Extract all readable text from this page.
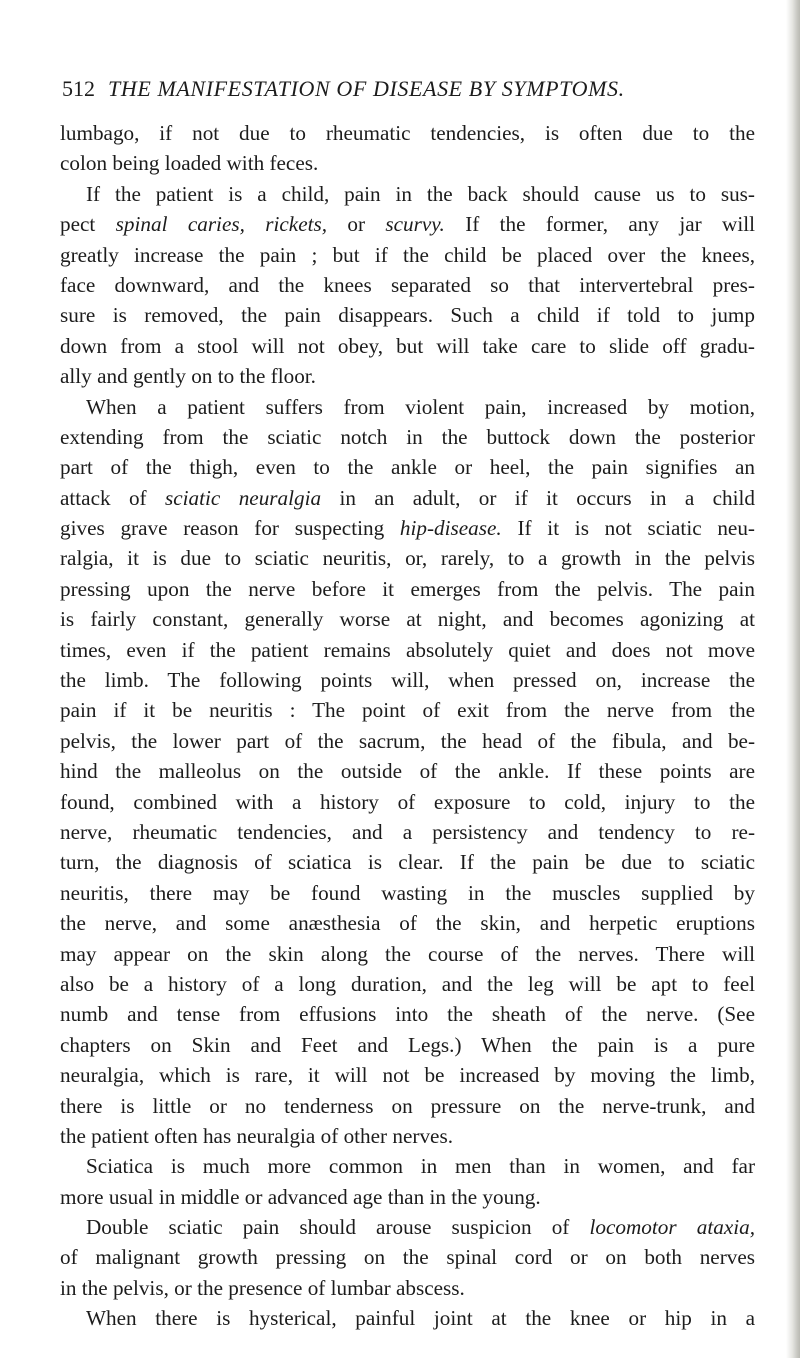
512 THE MANIFESTATION OF DISEASE BY SYMPTOMS.
lumbago, if not due to rheumatic tendencies, is often due to the
colon being loaded with feces.
If the patient is a child, pain in the back should cause us to sus-
pect spinal caries, rickets, or scurvy. If the former, any jar will
greatly increase the pain ; but if the child be placed over the knees,
face downward, and the knees separated so that intervertebral pres-
sure is removed, the pain disappears. Such a child if told to jump
down from a stool will not obey, but will take care to slide off gradu-
ally and gently on to the floor.
When a patient suffers from violent pain, increased by motion,
extending from the sciatic notch in the buttock down the posterior
part of the thigh, even to the ankle or heel, the pain signifies an
attack of sciatic neuralgia in an adult, or if it occurs in a child
gives grave reason for suspecting hip-disease. If it is not sciatic neu-
ralgia, it is due to sciatic neuritis, or, rarely, to a growth in the pelvis
pressing upon the nerve before it emerges from the pelvis. The pain
is fairly constant, generally worse at night, and becomes agonizing at
times, even if the patient remains absolutely quiet and does not move
the limb. The following points will, when pressed on, increase the
pain if it be neuritis : The point of exit from the nerve from the
pelvis, the lower part of the sacrum, the head of the fibula, and be-
hind the malleolus on the outside of the ankle. If these points are
found, combined with a history of exposure to cold, injury to the
nerve, rheumatic tendencies, and a persistency and tendency to re-
turn, the diagnosis of sciatica is clear. If the pain be due to sciatic
neuritis, there may be found wasting in the muscles supplied by
the nerve, and some anæsthesia of the skin, and herpetic eruptions
may appear on the skin along the course of the nerves. There will
also be a history of a long duration, and the leg will be apt to feel
numb and tense from effusions into the sheath of the nerve. (See
chapters on Skin and Feet and Legs.) When the pain is a pure
neuralgia, which is rare, it will not be increased by moving the limb,
there is little or no tenderness on pressure on the nerve-trunk, and
the patient often has neuralgia of other nerves.
Sciatica is much more common in men than in women, and far
more usual in middle or advanced age than in the young.
Double sciatic pain should arouse suspicion of locomotor ataxia,
of malignant growth pressing on the spinal cord or on both nerves
in the pelvis, or the presence of lumbar abscess.
When there is hysterical, painful joint at the knee or hip in a
